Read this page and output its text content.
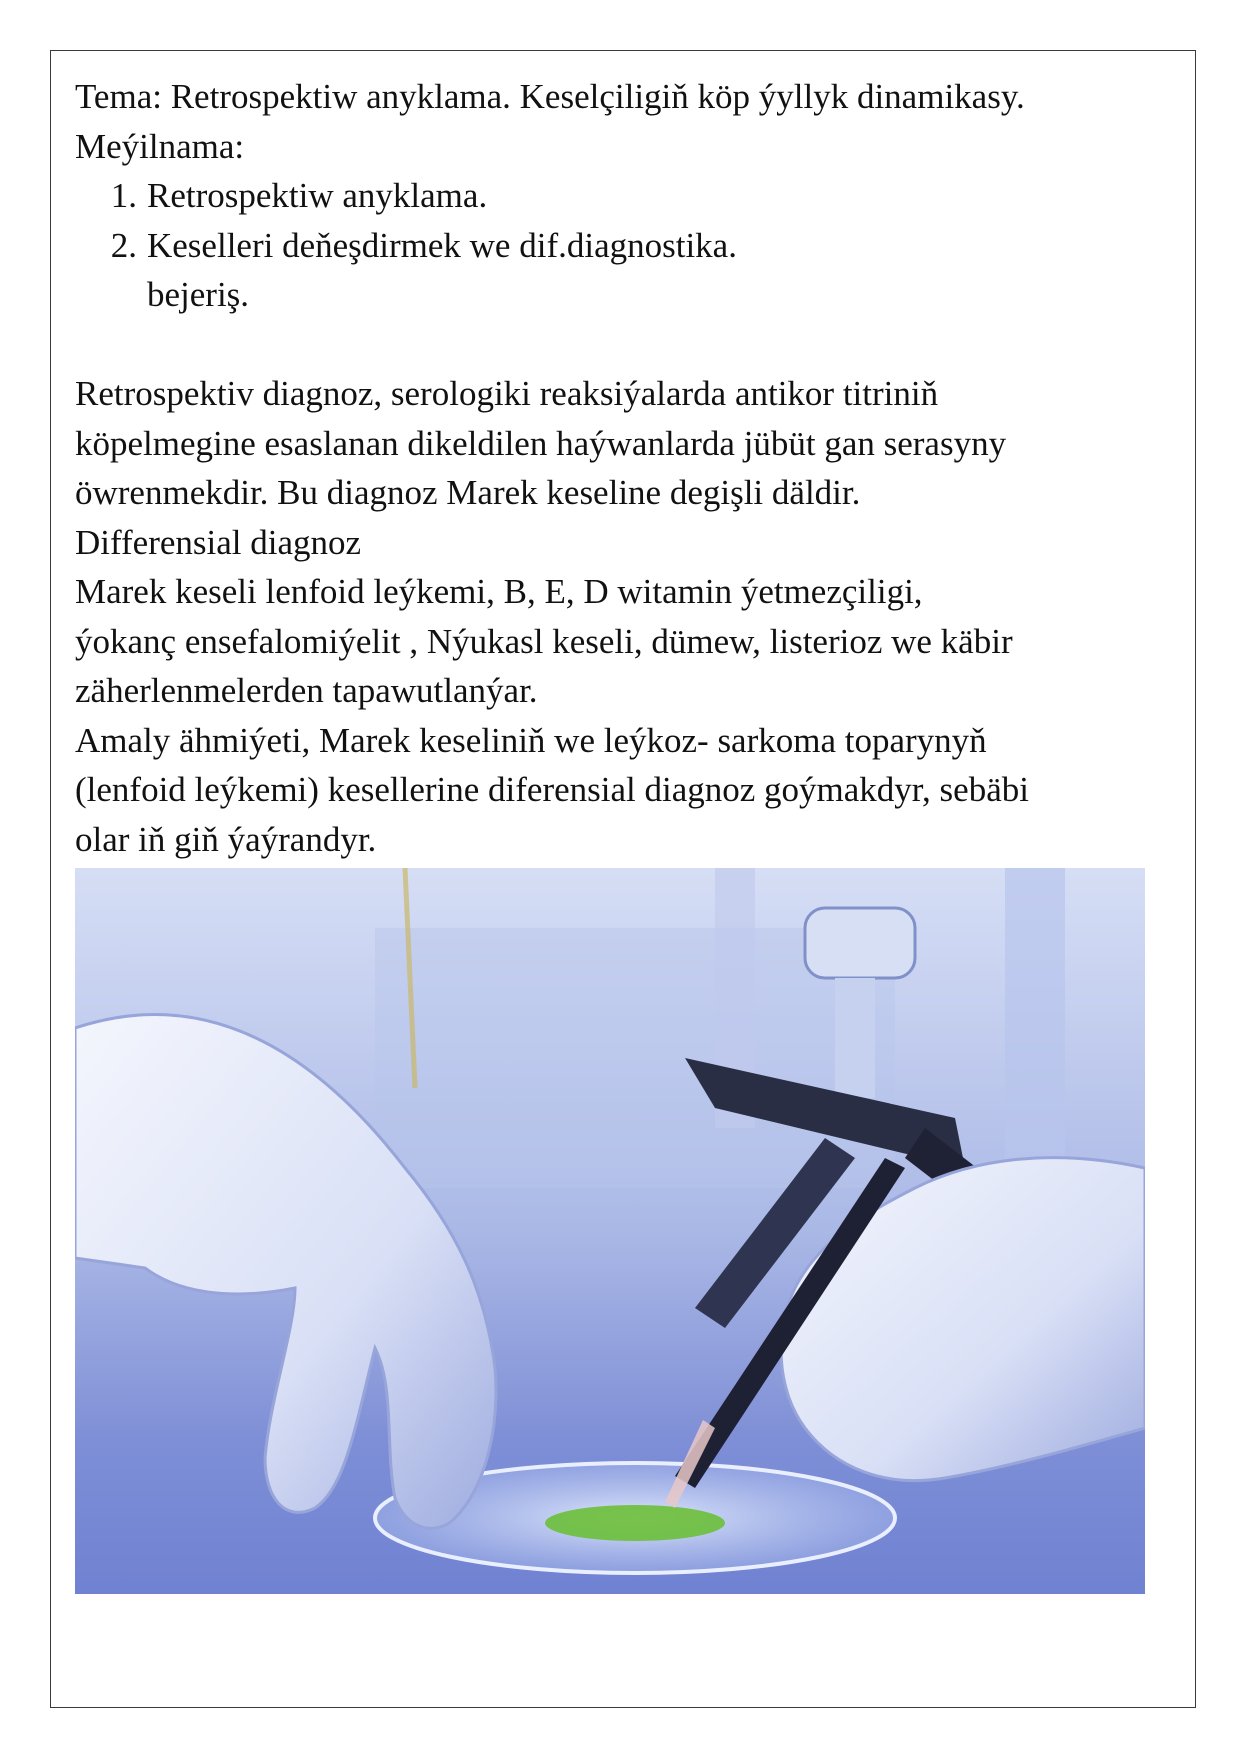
Tema: Retrospektiw anyklama. Keselçiligiň köp ýyllyk dinamikasy.
Meýilnama:
1. Retrospektiw anyklama.
2. Keselleri deňeşdirmek we dif.diagnostika.
bejeriş.
Retrospektiv diagnoz, serologiki reaksiýalarda antikor titriniň
köpelmegine esaslanan dikeldilen haýwanlarda jübüt gan serasyny
öwrenmekdir. Bu diagnoz Marek keseline degişli däldir.
Differensial diagnoz
Marek keseli lenfoid leýkemi, B, E, D witamin ýetmezçiligi,
ýokanç ensefalomiýelit , Nýukasl keseli, dümew, listerioz we käbir
zäherlenmelerden tapawutlanýar.
Amaly ähmiýeti, Marek keseliniň we leýkoz- sarkoma toparynyň
(lenfoid leýkemi) kesellerine diferensial diagnoz goýmakdyr, sebäbi
olar iň giň ýaýrandyr.
